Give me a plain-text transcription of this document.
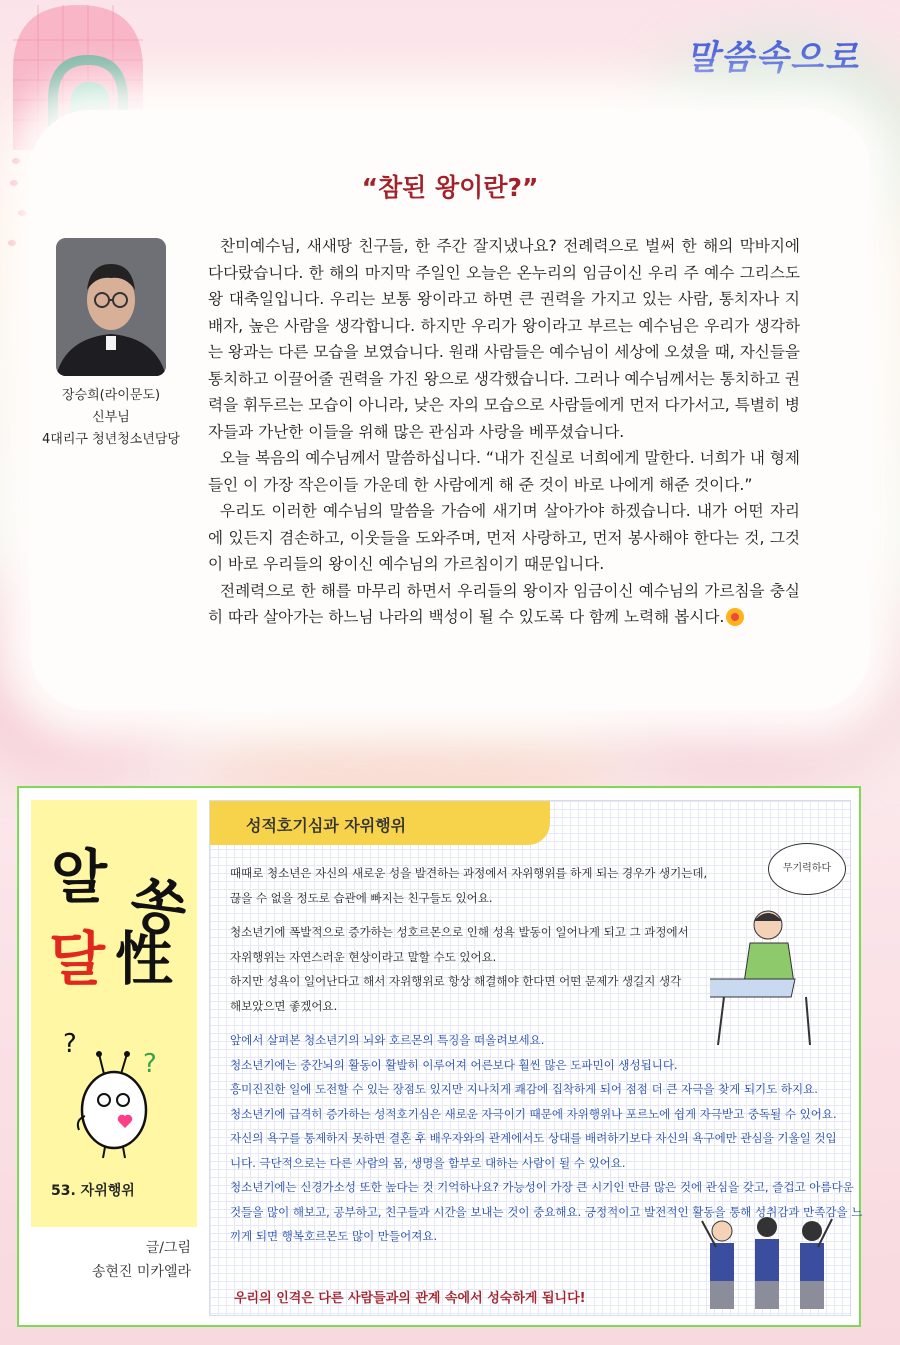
말씀속으로
“참된 왕이란?”
장승희(라이문도)
신부님
4대리구 청년청소년담당

찬미예수님, 새새땅 친구들, 한 주간 잘지냈나요? 전례력으로 벌써 한 해의 막바지에 다다랐습니다. 한 해의 마지막 주일인 오늘은 온누리의 임금이신 우리 주 예수 그리스도왕 대축일입니다. 우리는 보통 왕이라고 하면 큰 권력을 가지고 있는 사람, 통치자나 지배자, 높은 사람을 생각합니다. 하지만 우리가 왕이라고 부르는 예수님은 우리가 생각하는 왕과는 다른 모습을 보였습니다. 원래 사람들은 예수님이 세상에 오셨을 때, 자신들을 통치하고 이끌어줄 권력을 가진 왕으로 생각했습니다. 그러나 예수님께서는 통치하고 권력을 휘두르는 모습이 아니라, 낮은 자의 모습으로 사람들에게 먼저 다가서고, 특별히 병자들과 가난한 이들을 위해 많은 관심과 사랑을 베푸셨습니다.

오늘 복음의 예수님께서 말씀하십니다. “내가 진실로 너희에게 말한다. 너희가 내 형제들인 이 가장 작은이들 가운데 한 사람에게 해 준 것이 바로 나에게 해준 것이다.”

우리도 이러한 예수님의 말씀을 가슴에 새기며 살아가야 하겠습니다. 내가 어떤 자리에 있든지 겸손하고, 이웃들을 도와주며, 먼저 사랑하고, 먼저 봉사해야 한다는 것, 그것이 바로 우리들의 왕이신 예수님의 가르침이기 때문입니다.

전례력으로 한 해를 마무리 하면서 우리들의 왕이자 임금이신 예수님의 가르침을 충실히 따라 살아가는 하느님 나라의 백성이 될 수 있도록 다 함께 노력해 봅시다.

알 쏭
달 性
?
?
53. 자위행위
글/그림
송현진 미카엘라
성적호기심과 자위행위
무기력하다
때때로 청소년은 자신의 새로운 성을 발견하는 과정에서 자위행위를 하게 되는 경우가 생기는데,
끊을 수 없을 정도로 습관에 빠지는 친구들도 있어요.
청소년기에 폭발적으로 증가하는 성호르몬으로 인해 성욕 발동이 일어나게 되고 그 과정에서
자위행위는 자연스러운 현상이라고 말할 수도 있어요.
하지만 성욕이 일어난다고 해서 자위행위로 항상 해결해야 한다면 어떤 문제가 생길지 생각
해보았으면 좋겠어요.
앞에서 살펴본 청소년기의 뇌와 호르몬의 특징을 떠올려보세요.
청소년기에는 중간뇌의 활동이 활발히 이루어져 어른보다 훨씬 많은 도파민이 생성됩니다.
흥미진진한 일에 도전할 수 있는 장점도 있지만 지나치게 쾌감에 집착하게 되어 점점 더 큰 자극을 찾게 되기도 하지요.
청소년기에 급격히 증가하는 성적호기심은 새로운 자극이기 때문에 자위행위나 포르노에 쉽게 자극받고 중독될 수 있어요.
자신의 욕구를 통제하지 못하면 결혼 후 배우자와의 관계에서도 상대를 배려하기보다 자신의 욕구에만 관심을 기울일 것입
니다. 극단적으로는 다른 사람의 몸, 생명을 함부로 대하는 사람이 될 수 있어요.
청소년기에는 신경가소성 또한 높다는 것 기억하나요? 가능성이 가장 큰 시기인 만큼 많은 것에 관심을 갖고, 즐겁고 아름다운
것들을 많이 해보고, 공부하고, 친구들과 시간을 보내는 것이 중요해요. 긍정적이고 발전적인 활동을 통해 성취감과 만족감을 느
끼게 되면 행복호르몬도 많이 만들어져요.
우리의 인격은 다른 사람들과의 관계 속에서 성숙하게 됩니다!
